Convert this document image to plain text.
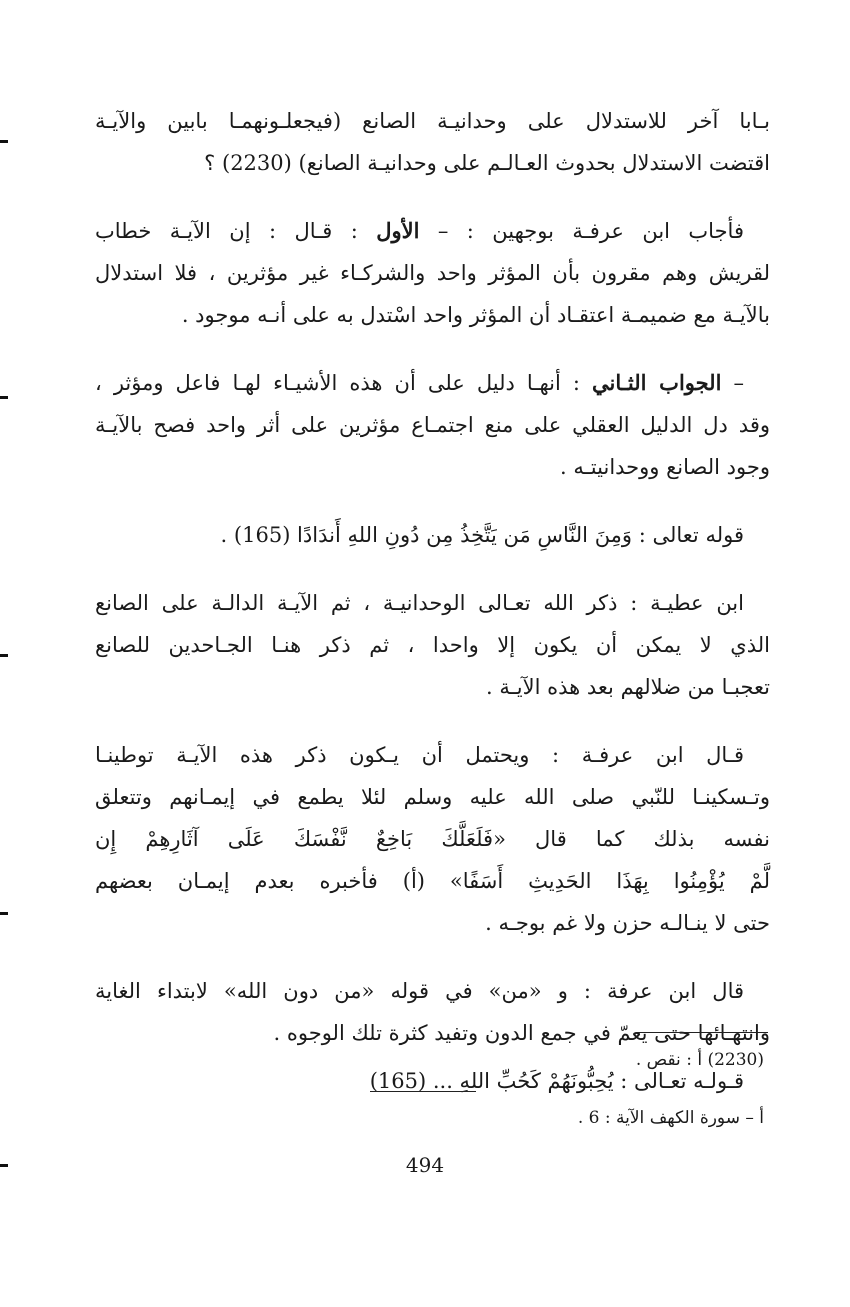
بـابا آخر للاستدلال على وحدانيـة الصانع (فيجعلـونهمـا بابين والآيـة
اقتضت الاستدلال بحدوث العـالـم على وحدانيـة الصانع) (2230) ؟
فأجاب ابن عرفـة بوجهين : – الأول : قـال : إن الآيـة خطاب
لقريش وهم مقرون بأن المؤثر واحد والشركـاء غير مؤثرين ، فلا استدلال
بالآيـة مع ضميمـة اعتقـاد أن المؤثر واحد اسْتدل به على أنـه موجود .
– الجواب الثـاني : أنهـا دليل على أن هذه الأشيـاء لهـا فاعل ومؤثر ،
وقد دل الدليل العقلي على منع اجتمـاع مؤثرين على أثر واحد فصح بالآيـة
وجود الصانع ووحدانيتـه .
قوله تعالى : وَمِنَ النَّاسِ مَن يَتَّخِذُ مِن دُونِ اللهِ أَندَادًا (165) .
ابن عطيـة : ذكر الله تعـالى الوحدانيـة ، ثم الآيـة الدالـة على الصانع
الذي لا يمكن أن يكون إلا واحدا ، ثم ذكر هنـا الجـاحدين للصانع
تعجبـا من ضلالهم بعد هذه الآيـة .
قـال ابن عرفـة : ويحتمل أن يـكون ذكر هذه الآيـة توطينـا
وتـسكينـا للنّبي صلى الله عليه وسلم لئلا يطمع في إيمـانهم وتتعلق
نفسه بذلك كما قال «فَلَعَلَّكَ بَاخِعٌ نَّفْسَكَ عَلَى آثَارِهِمْ إِن
لَّمْ يُؤْمِنُوا بِهَذَا الحَدِيثِ أَسَفًا» (أ) فأخبره بعدم إيمـان بعضهم
حتى لا ينـالـه حزن ولا غم بوجـه .
قال ابن عرفة : و «من» في قوله «من دون الله» لابتداء الغاية
وانتهـائها حتى يعمّ في جمع الدون وتفيد كثرة تلك الوجوه .
قـولـه تعـالى : يُحِبُّونَهُمْ كَحُبِّ اللهِ ... (165)
(2230) أ : نقص .
أ – سورة الكهف الآية : 6 .
494
